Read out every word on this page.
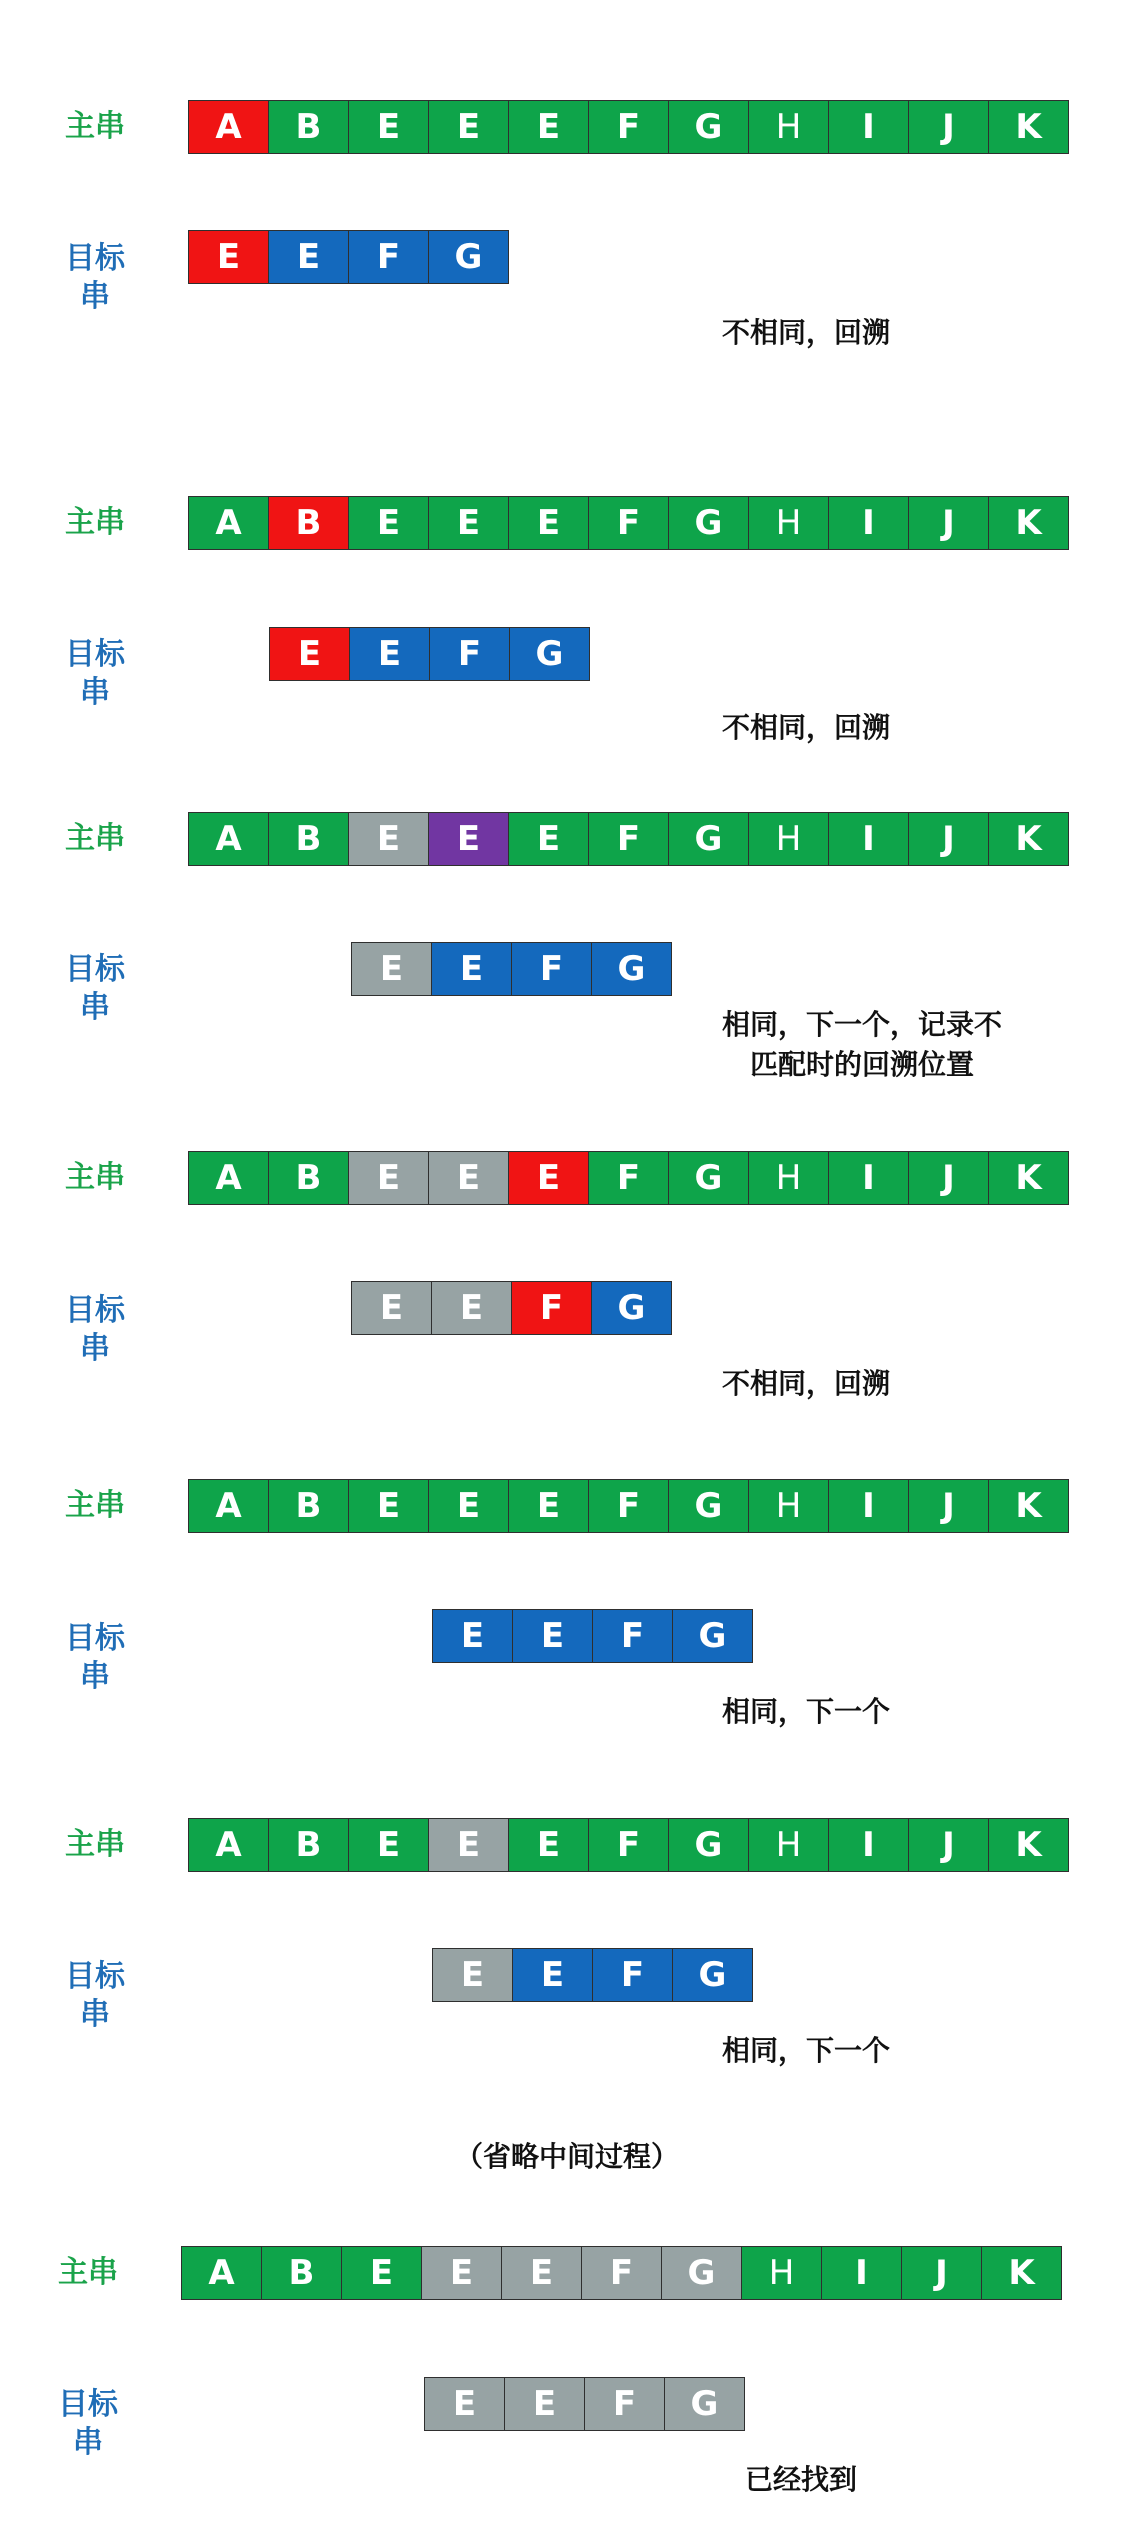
主串	A	B	E	E	E	F	G	H	I	J	K
目标
串
E	E	F	G
不相同，回溯
主串	A	B	E	E	E	F	G	H	I	J	K
目标
串
E	E	F	G
不相同，回溯
主串	A	B	E	E	E	F	G	H	I	J	K
目标
串
E	E	F	G
相同，下一个，记录不
匹配时的回溯位置
主串	A	B	E	E	E	F	G	H	I	J	K
目标
串
E	E	F	G
不相同，回溯
主串	A	B	E	E	E	F	G	H	I	J	K
目标
串
E	E	F	G
相同，下一个
主串	A	B	E	E	E	F	G	H	I	J	K
目标
串
E	E	F	G
相同，下一个
主串	A	B	E	E	E	F	G	H	I	J	K
目标
串
E	E	F	G
已经找到
（省略中间过程）
